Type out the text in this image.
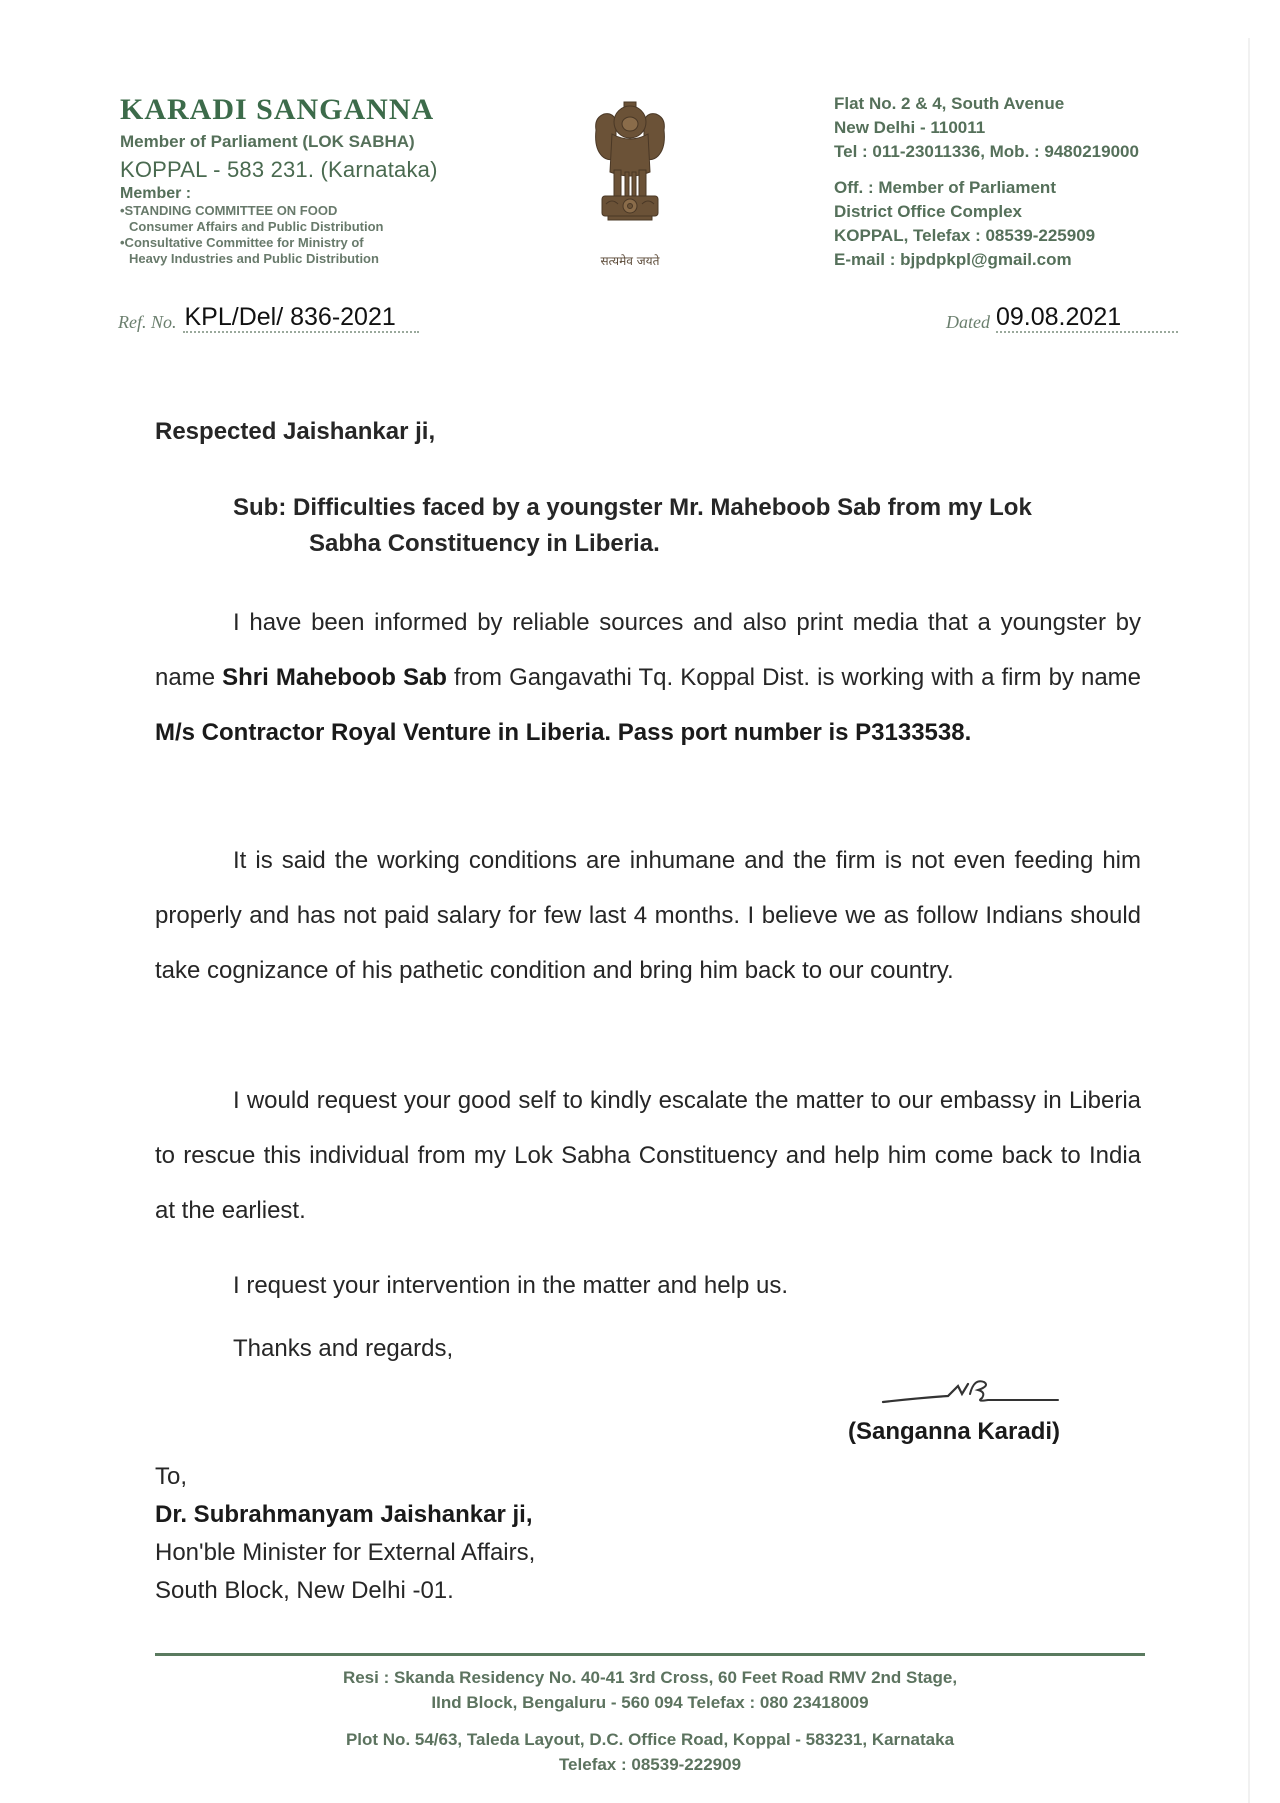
KARADI SANGANNA
Member of Parliament (LOK SABHA)
KOPPAL - 583 231. (Karnataka)
Member :
•STANDING COMMITTEE ON FOOD
Consumer Affairs and Public Distribution
•Consultative Committee for Ministry of
Heavy Industries and Public Distribution	सत्यमेव जयते
Flat No. 2 & 4, South Avenue
New Delhi - 110011
Tel : 011-23011336, Mob. : 9480219000
Off. : Member of Parliament
District Office Complex
KOPPAL, Telefax : 08539-225909
E-mail : bjpdpkpl@gmail.com
Ref. No. KPL/Del/ 836-2021	Dated 09.08.2021
Respected Jaishankar ji,
Sub: Difficulties faced by a youngster Mr. Maheboob Sab from my Lok
Sabha Constituency in Liberia.
I have been informed by reliable sources and also print media that a youngster by name Shri Maheboob Sab from Gangavathi Tq. Koppal Dist. is working with a firm by name M/s Contractor Royal Venture in Liberia. Pass port number is P3133538.
It is said the working conditions are inhumane and the firm is not even feeding him properly and has not paid salary for few last 4 months. I believe we as follow Indians should take cognizance of his pathetic condition and bring him back to our country.
I would request your good self to kindly escalate the matter to our embassy in Liberia to rescue this individual from my Lok Sabha Constituency and help him come back to India   at the earliest.
I request your intervention in the matter and help us.
Thanks and regards,
(Sanganna Karadi)
To,
Dr. Subrahmanyam Jaishankar ji,
Hon'ble Minister for External Affairs,
South Block, New Delhi -01.
Resi : Skanda Residency No. 40-41 3rd Cross, 60 Feet Road RMV 2nd Stage,
IInd Block, Bengaluru - 560 094 Telefax : 080 23418009
Plot No. 54/63, Taleda Layout, D.C. Office Road, Koppal - 583231, Karnataka
Telefax : 08539-222909
